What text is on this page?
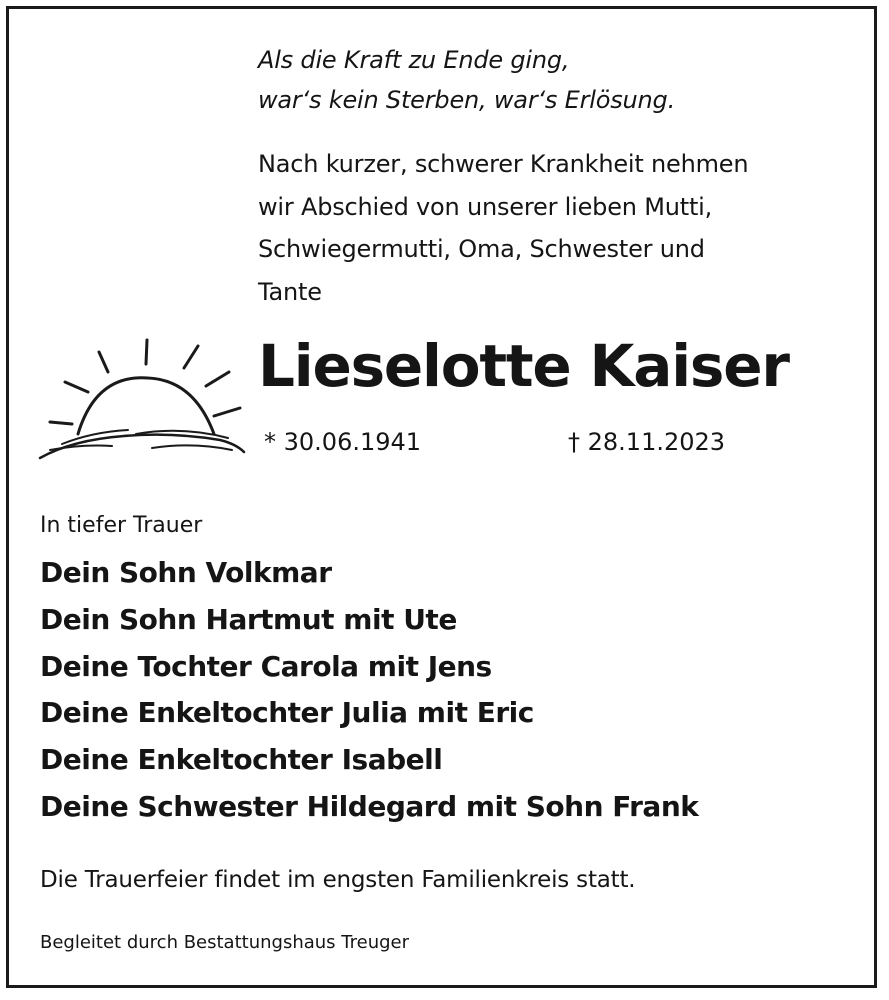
Als die Kraft zu Ende ging,
war‘s kein Sterben, war‘s Erlösung.
Nach kurzer, schwerer Krankheit nehmen
wir Abschied von unserer lieben Mutti,
Schwiegermutti, Oma, Schwester und
Tante
Lieselotte Kaiser
* 30.06.1941	† 28.11.2023
In tiefer Trauer
Dein Sohn Volkmar
Dein Sohn Hartmut mit Ute
Deine Tochter Carola mit Jens
Deine Enkeltochter Julia mit Eric
Deine Enkeltochter Isabell
Deine Schwester Hildegard mit Sohn Frank
Die Trauerfeier findet im engsten Familienkreis statt.
Begleitet durch Bestattungshaus Treuger
